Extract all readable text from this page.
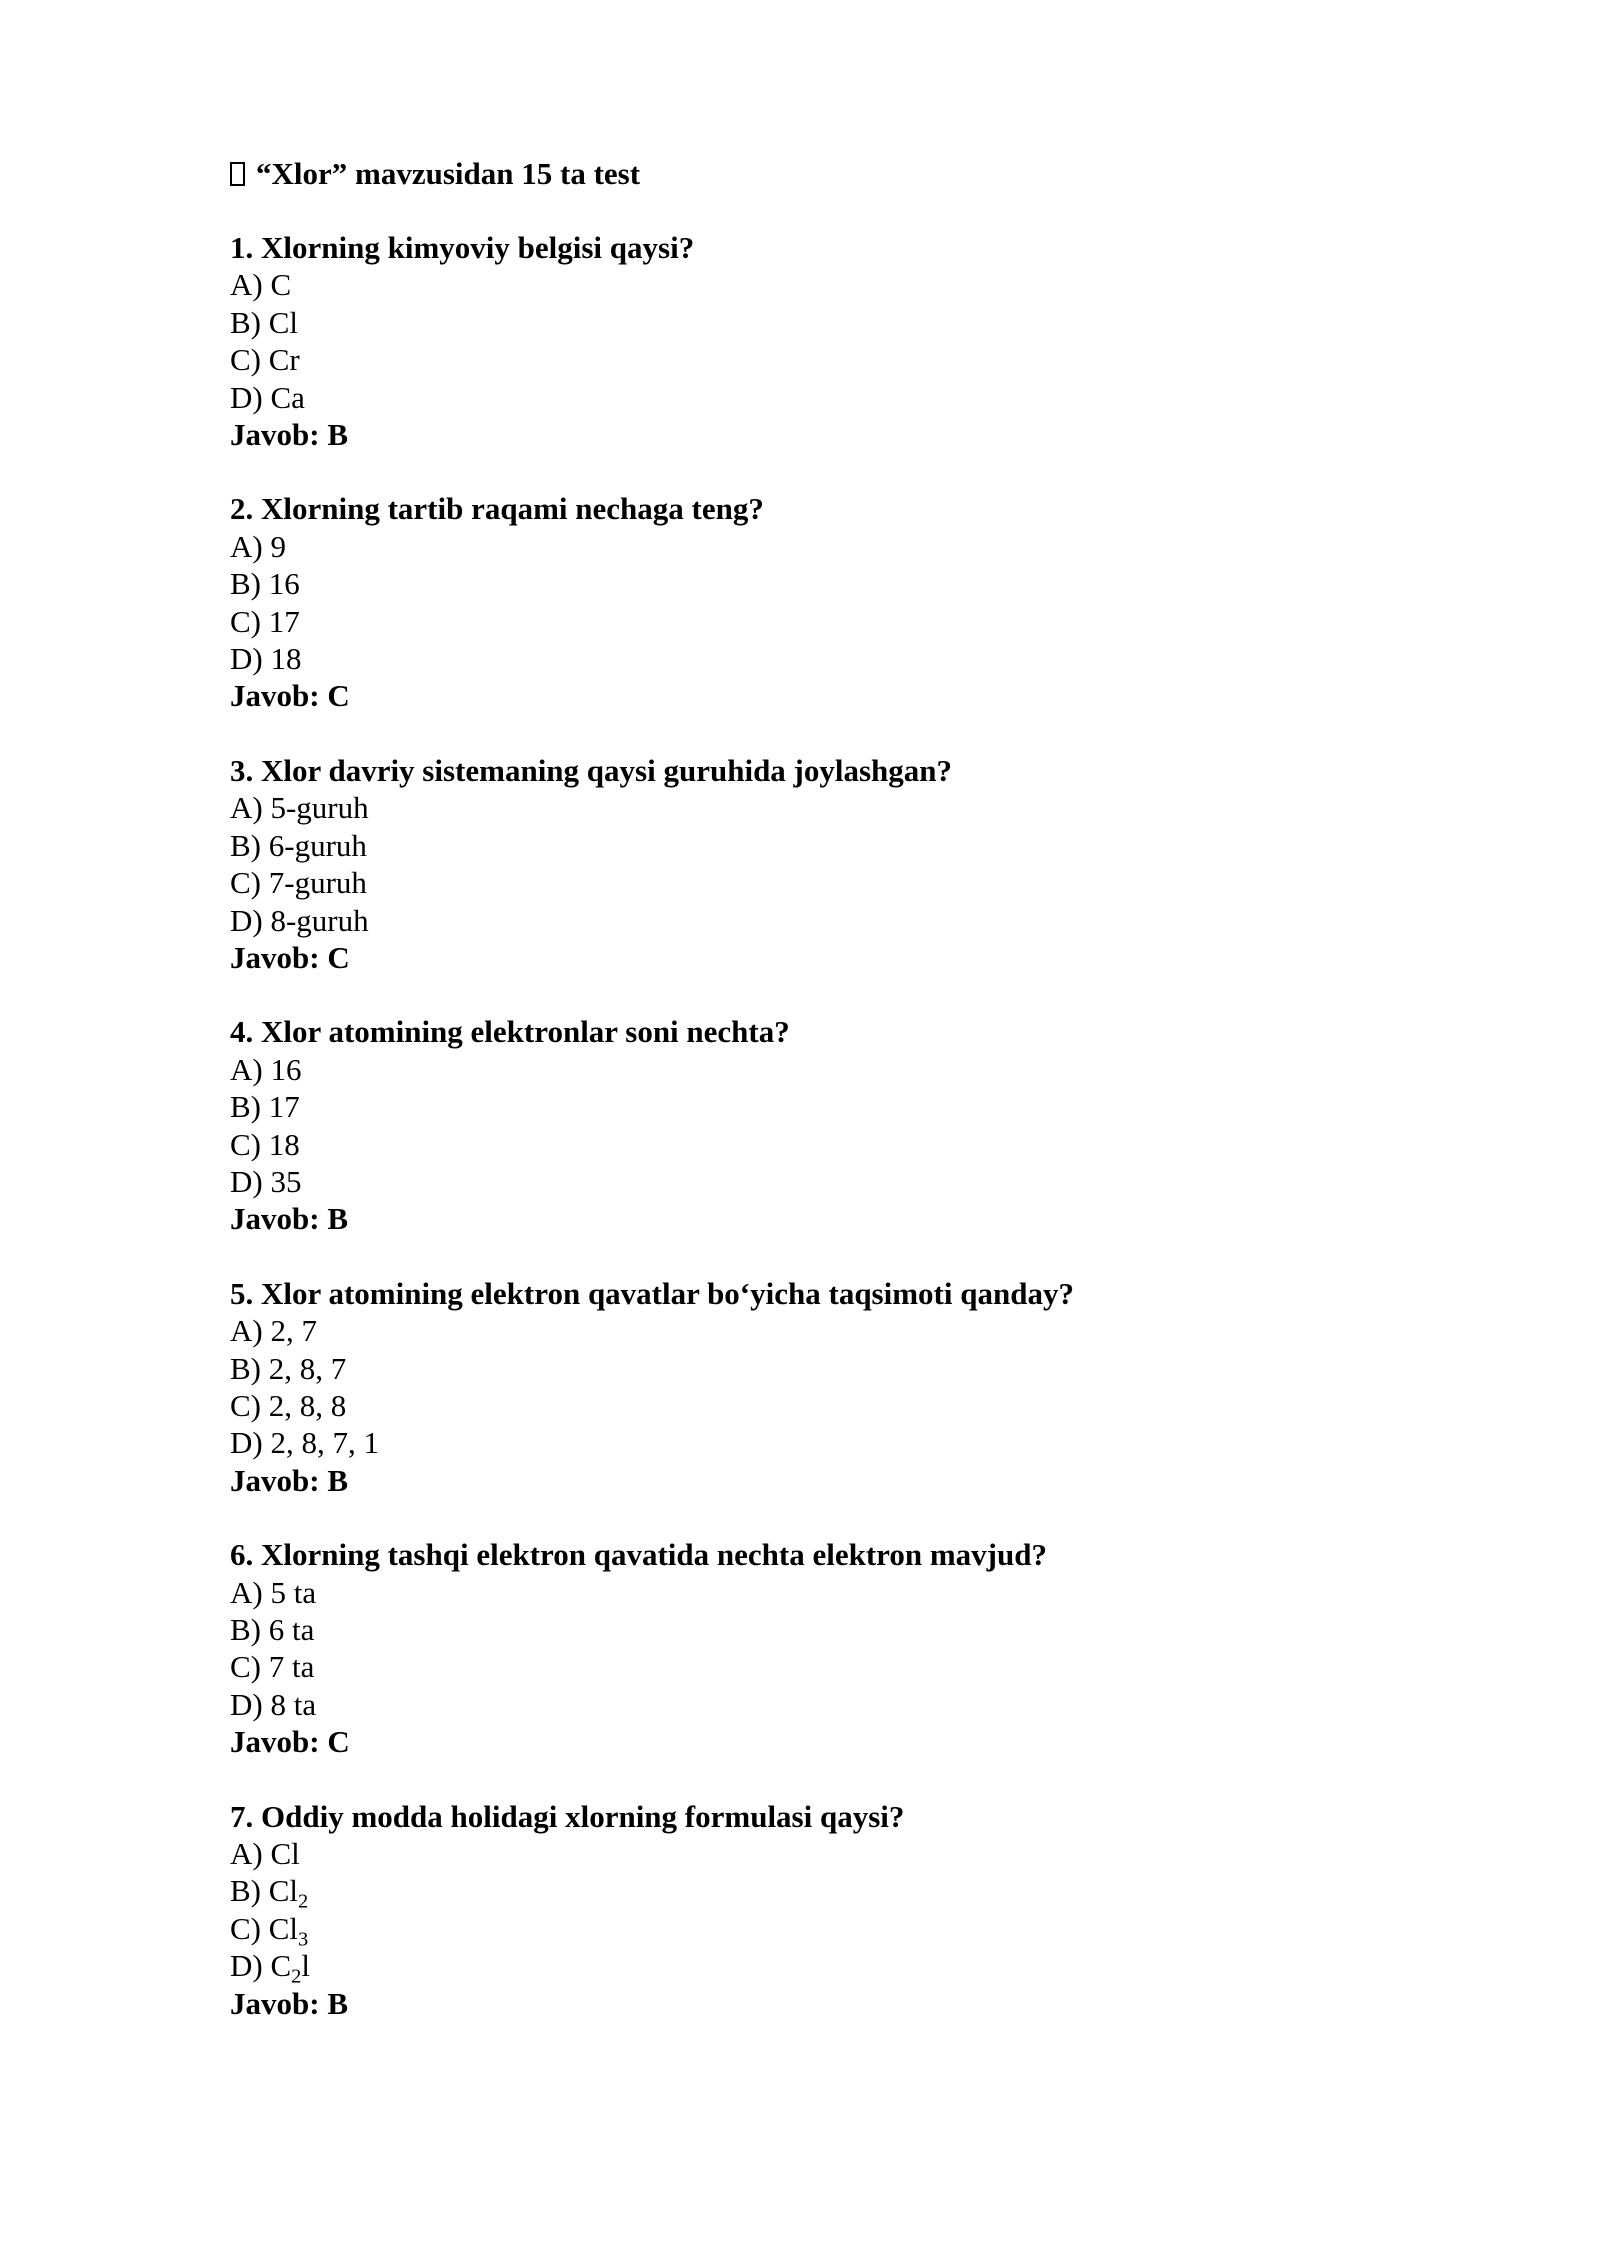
“Xlor” mavzusidan 15 ta test
1. Xlorning kimyoviy belgisi qaysi?
A) C
B) Cl
C) Cr
D) Ca
Javob: B
2. Xlorning tartib raqami nechaga teng?
A) 9
B) 16
C) 17
D) 18
Javob: C
3. Xlor davriy sistemaning qaysi guruhida joylashgan?
A) 5-guruh
B) 6-guruh
C) 7-guruh
D) 8-guruh
Javob: C
4. Xlor atomining elektronlar soni nechta?
A) 16
B) 17
C) 18
D) 35
Javob: B
5. Xlor atomining elektron qavatlar bo‘yicha taqsimoti qanday?
A) 2, 7
B) 2, 8, 7
C) 2, 8, 8
D) 2, 8, 7, 1
Javob: B
6. Xlorning tashqi elektron qavatida nechta elektron mavjud?
A) 5 ta
B) 6 ta
C) 7 ta
D) 8 ta
Javob: C
7. Oddiy modda holidagi xlorning formulasi qaysi?
A) Cl
B) $Cl_2$
C) $Cl_3$
D) $C_2l$
Javob: B
